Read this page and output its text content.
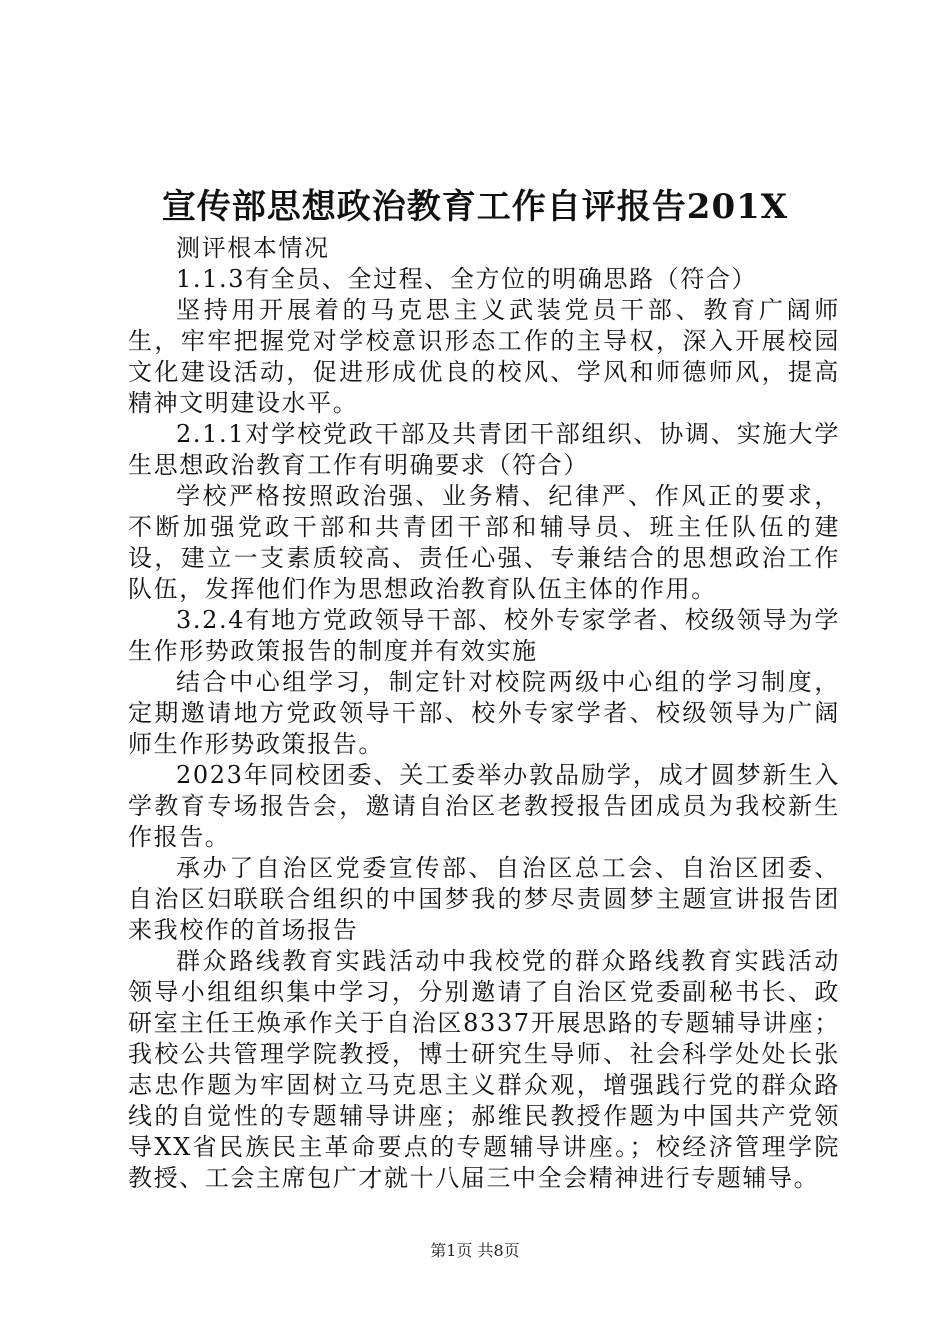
宣传部思想政治教育工作自评报告201X

测评根本情况

1.1.3有全员、全过程、全方位的明确思路（符合）

坚持用开展着的马克思主义武装党员干部、教育广阔师生，牢牢把握党对学校意识形态工作的主导权，深入开展校园文化建设活动，促进形成优良的校风、学风和师德师风，提高精神文明建设水平。

2.1.1对学校党政干部及共青团干部组织、协调、实施大学生思想政治教育工作有明确要求（符合）

学校严格按照政治强、业务精、纪律严、作风正的要求，不断加强党政干部和共青团干部和辅导员、班主任队伍的建设，建立一支素质较高、责任心强、专兼结合的思想政治工作队伍，发挥他们作为思想政治教育队伍主体的作用。

3.2.4有地方党政领导干部、校外专家学者、校级领导为学生作形势政策报告的制度并有效实施

结合中心组学习，制定针对校院两级中心组的学习制度，定期邀请地方党政领导干部、校外专家学者、校级领导为广阔师生作形势政策报告。

2023年同校团委、关工委举办敦品励学，成才圆梦新生入学教育专场报告会，邀请自治区老教授报告团成员为我校新生作报告。

承办了自治区党委宣传部、自治区总工会、自治区团委、自治区妇联联合组织的中国梦我的梦尽责圆梦主题宣讲报告团来我校作的首场报告

群众路线教育实践活动中我校党的群众路线教育实践活动领导小组组织集中学习，分别邀请了自治区党委副秘书长、政研室主任王焕承作关于自治区8337开展思路的专题辅导讲座；我校公共管理学院教授，博士研究生导师、社会科学处处长张志忠作题为牢固树立马克思主义群众观，增强践行党的群众路线的自觉性的专题辅导讲座；郝维民教授作题为中国共产党领导XX省民族民主革命要点的专题辅导讲座。；校经济管理学院教授、工会主席包广才就十八届三中全会精神进行专题辅导。

第1页 共8页
